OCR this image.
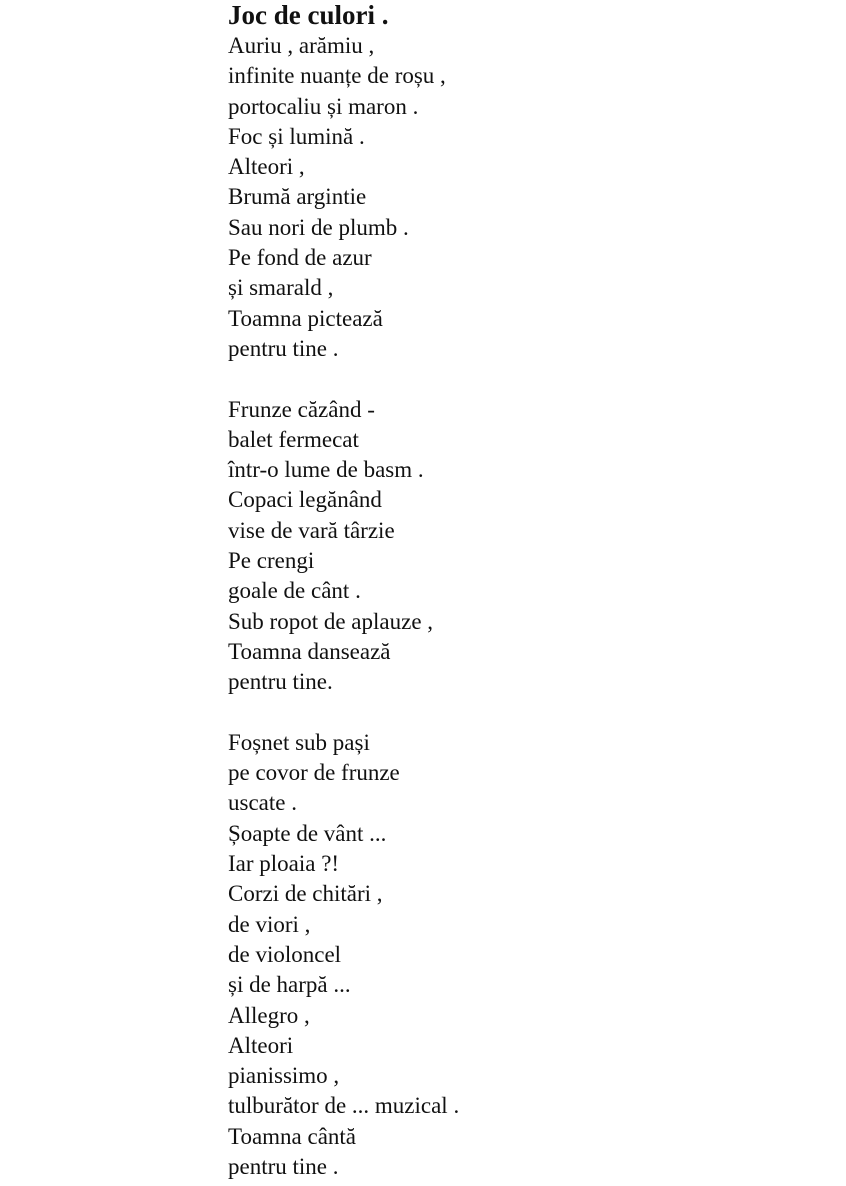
Joc de culori .
Auriu , arămiu ,
infinite nuanțe de roșu ,
portocaliu și maron .
Foc și lumină .
Alteori ,
Brumă argintie
Sau nori de plumb .
Pe fond de azur
și smarald ,
Toamna pictează
pentru tine .
Frunze căzând -
balet fermecat
într-o lume de basm .
Copaci legănând
vise de vară târzie
Pe crengi
goale de cânt .
Sub ropot de aplauze ,
Toamna dansează
pentru tine.
Foșnet sub pași
pe covor de frunze
uscate .
Șoapte de vânt ...
Iar ploaia ?!
Corzi de chitări ,
de viori ,
de violoncel
și de harpă ...
Allegro ,
Alteori
pianissimo ,
tulburător de ... muzical .
Toamna cântă
pentru tine .
